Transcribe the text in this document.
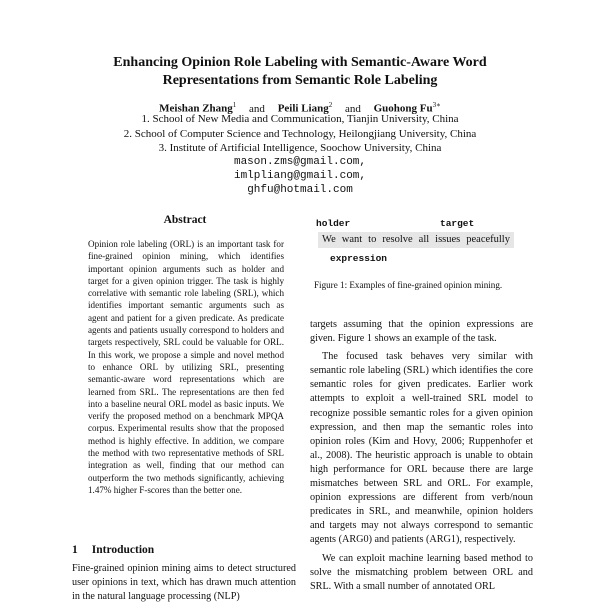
Enhancing Opinion Role Labeling with Semantic-Aware Word
Representations from Semantic Role Labeling
Meishan Zhang$^1$ and Peili Liang$^2$ and Guohong $Fu^{3∗}$
1. School of New Media and Communication, Tianjin University, China
2. School of Computer Science and Technology, Heilongjiang University, China
3. Institute of Artificial Intelligence, Soochow University, China
mason.zms@gmail.com,
imlpliang@gmail.com,
ghfu@hotmail.com
Abstract

Opinion role labeling (ORL) is an important task for fine-grained opinion mining, which identifies important opinion arguments such as holder and target for a given opinion trigger. The task is highly correlative with semantic role labeling (SRL), which identifies important semantic arguments such as agent and patient for a given predicate. As predicate agents and patients usually correspond to holders and targets respectively, SRL could be valuable for ORL. In this work, we propose a simple and novel method to enhance ORL by utilizing SRL, presenting semantic-aware word representations which are learned from SRL. The representations are then fed into a baseline neural ORL model as basic inputs. We verify the proposed method on a benchmark MPQA corpus. Experimental results show that the proposed method is highly effective. In addition, we compare the method with two representative methods of SRL integration as well, finding that our method can outperform the two methods significantly, achieving 1.47% higher F-scores than the better one.

1 Introduction
Fine-grained opinion mining aims to detect structured user opinions in text, which has drawn much attention in the natural language processing (NLP)
holder	target
We want to resolve all issues peacefully
expression
Figure 1: Examples of fine-grained opinion mining.

targets assuming that the opinion expressions are given. Figure 1 shows an example of the task.

The focused task behaves very similar with semantic role labeling (SRL) which identifies the core semantic roles for given predicates. Earlier work attempts to exploit a well-trained SRL model to recognize possible semantic roles for a given opinion expression, and then map the semantic roles into opinion roles (Kim and Hovy, 2006; Ruppenhofer et al., 2008). The heuristic approach is unable to obtain high performance for ORL because there are large mismatches between SRL and ORL. For example, opinion expressions are different from verb/noun predicates in SRL, and meanwhile, opinion holders and targets may not always correspond to semantic agents (ARG0) and patients (ARG1), respectively.

We can exploit machine learning based method to solve the mismatching problem between ORL and SRL. With a small number of annotated ORL
